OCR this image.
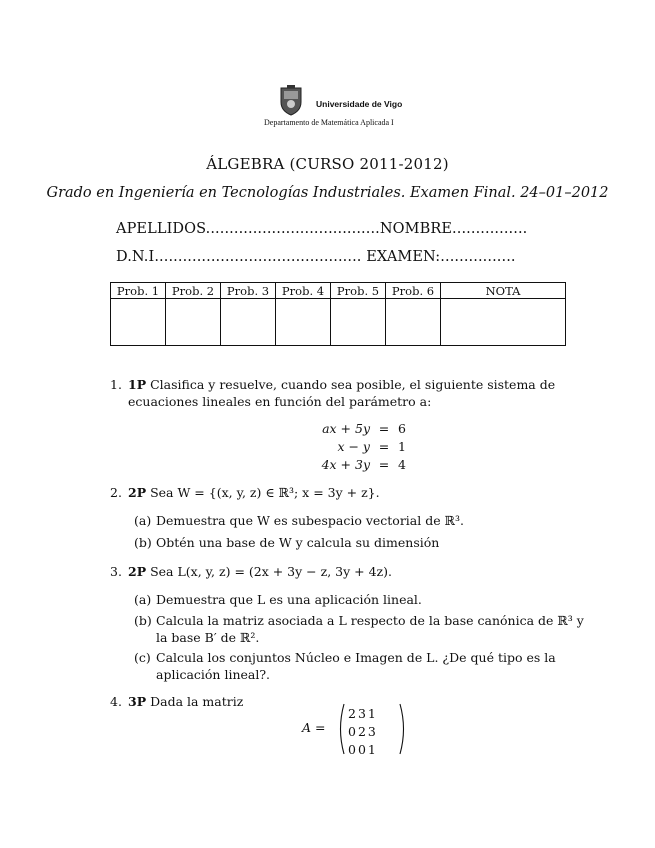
Universidade de Vigo
Departamento de Matemática Aplicada I
ÁLGEBRA (CURSO 2011-2012)
Grado en Ingeniería en Tecnologías Industriales. Examen Final. 24–01–2012
APELLIDOS.....................................NOMBRE................
D.N.I............................................ EXAMEN:................
Prob. 1	Prob. 2	Prob. 3	Prob. 4	Prob. 5	Prob. 6	NOTA

1. 1P Clasifica y resuelve, cuando sea posible, el siguiente sistema de ecuaciones lineales en función del parámetro a:
ax + 5y	=	6
x − y	=	1
4x + 3y	=	4
2. 2P Sea W = {(x, y, z) ∈ ℝ³; x = 3y + z}.
(a) Demuestra que W es subespacio vectorial de ℝ³.
(b) Obtén una base de W y calcula su dimensión
3. 2P Sea L(x, y, z) = (2x + 3y − z, 3y + 4z).
(a) Demuestra que L es una aplicación lineal.
(b) Calcula la matriz asociada a L respecto de la base canónica de ℝ³ y la base B′ de ℝ².
(c) Calcula los conjuntos Núcleo e Imagen de L. ¿De qué tipo es la aplicación lineal?.
4. 3P Dada la matriz
A =
2	3	1
0	2	3
0	0	1
